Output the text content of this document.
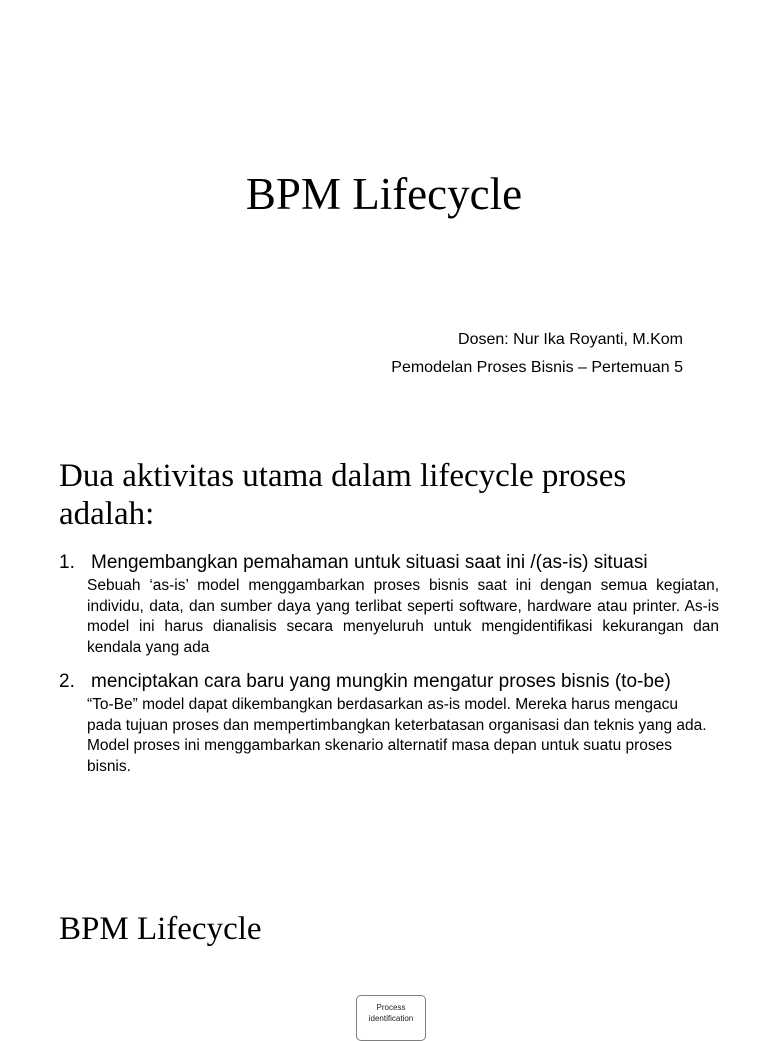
BPM Lifecycle
Dosen: Nur Ika Royanti, M.Kom
Pemodelan Proses Bisnis – Pertemuan 5
Dua aktivitas utama dalam lifecycle proses adalah:
1. Mengembangkan pemahaman untuk situasi saat ini /(as-is) situasi
Sebuah ‘as-is’ model menggambarkan proses bisnis saat ini dengan semua kegiatan, individu, data, dan sumber daya yang terlibat seperti software, hardware atau printer. As-is model ini harus dianalisis secara menyeluruh untuk mengidentifikasi kekurangan dan kendala yang ada
2. menciptakan cara baru yang mungkin mengatur proses bisnis (to-be)
“To-Be” model dapat dikembangkan berdasarkan as-is model. Mereka harus mengacu pada tujuan proses dan mempertimbangkan keterbatasan organisasi dan teknis yang ada. Model proses ini menggambarkan skenario alternatif masa depan untuk suatu proses bisnis.
BPM Lifecycle
Process
identification
